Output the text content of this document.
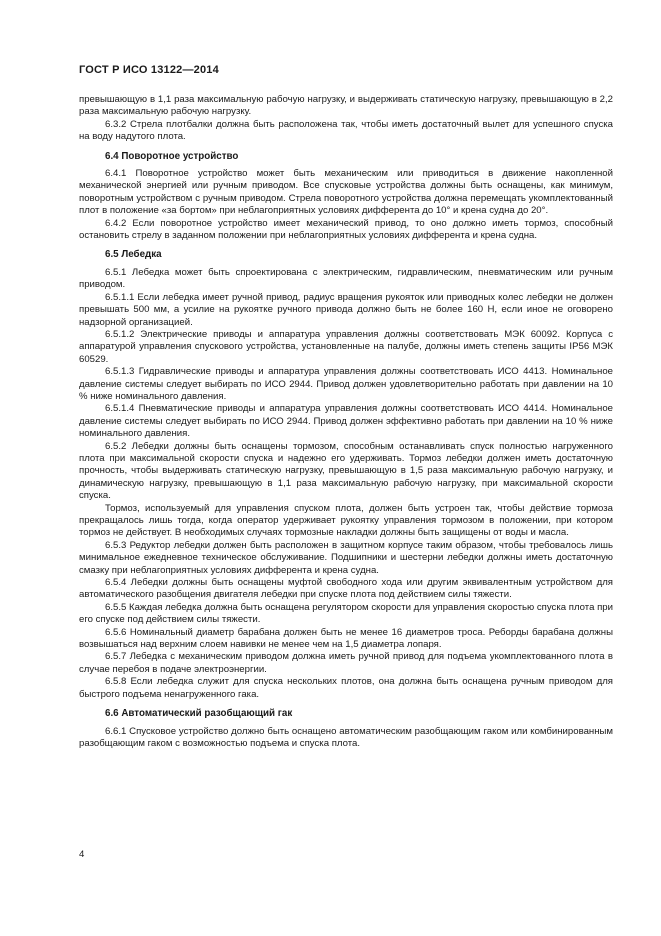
ГОСТ Р ИСО 13122—2014

превышающую в 1,1 раза максимальную рабочую нагрузку, и выдерживать статическую нагрузку, превышающую в 2,2 раза максимальную рабочую нагрузку.

6.3.2 Стрела плотбалки должна быть расположена так, чтобы иметь достаточный вылет для успешного спуска на воду надутого плота.

6.4 Поворотное устройство

6.4.1 Поворотное устройство может быть механическим или приводиться в движение накопленной механической энергией или ручным приводом. Все спусковые устройства должны быть оснащены, как минимум, поворотным устройством с ручным приводом. Стрела поворотного устройства должна перемещать укомплектованный плот в положение «за бортом» при неблагоприятных условиях дифферента до 10° и крена судна до 20°.

6.4.2 Если поворотное устройство имеет механический привод, то оно должно иметь тормоз, способный остановить стрелу в заданном положении при неблагоприятных условиях дифферента и крена судна.

6.5 Лебедка

6.5.1 Лебедка может быть спроектирована с электрическим, гидравлическим, пневматическим или ручным приводом.

6.5.1.1 Если лебедка имеет ручной привод, радиус вращения рукояток или приводных колес лебедки не должен превышать 500 мм, а усилие на рукоятке ручного привода должно быть не более 160 Н, если иное не оговорено надзорной организацией.

6.5.1.2 Электрические приводы и аппаратура управления должны соответствовать МЭК 60092. Корпуса с аппаратурой управления спускового устройства, установленные на палубе, должны иметь степень защиты IP56 МЭК 60529.

6.5.1.3 Гидравлические приводы и аппаратура управления должны соответствовать ИСО 4413. Номинальное давление системы следует выбирать по ИСО 2944. Привод должен удовлетворительно работать при давлении на 10 % ниже номинального давления.

6.5.1.4 Пневматические приводы и аппаратура управления должны соответствовать ИСО 4414. Номинальное давление системы следует выбирать по ИСО 2944. Привод должен эффективно работать при давлении на 10 % ниже номинального давления.

6.5.2 Лебедки должны быть оснащены тормозом, способным останавливать спуск полностью нагруженного плота при максимальной скорости спуска и надежно его удерживать. Тормоз лебедки должен иметь достаточную прочность, чтобы выдерживать статическую нагрузку, превышающую в 1,5 раза максимальную рабочую нагрузку, и динамическую нагрузку, превышающую в 1,1 раза максимальную рабочую нагрузку, при максимальной скорости спуска.

Тормоз, используемый для управления спуском плота, должен быть устроен так, чтобы действие тормоза прекращалось лишь тогда, когда оператор удерживает рукоятку управления тормозом в положении, при котором тормоз не действует. В необходимых случаях тормозные накладки должны быть защищены от воды и масла.

6.5.3 Редуктор лебедки должен быть расположен в защитном корпусе таким образом, чтобы требовалось лишь минимальное ежедневное техническое обслуживание. Подшипники и шестерни лебедки должны иметь достаточную смазку при неблагоприятных условиях дифферента и крена судна.

6.5.4 Лебедки должны быть оснащены муфтой свободного хода или другим эквивалентным устройством для автоматического разобщения двигателя лебедки при спуске плота под действием силы тяжести.

6.5.5 Каждая лебедка должна быть оснащена регулятором скорости для управления скоростью спуска плота при его спуске под действием силы тяжести.

6.5.6 Номинальный диаметр барабана должен быть не менее 16 диаметров троса. Реборды барабана должны возвышаться над верхним слоем навивки не менее чем на 1,5 диаметра лопаря.

6.5.7 Лебедка с механическим приводом должна иметь ручной привод для подъема укомплектованного плота в случае перебоя в подаче электроэнергии.

6.5.8 Если лебедка служит для спуска нескольких плотов, она должна быть оснащена ручным приводом для быстрого подъема ненагруженного гака.

6.6 Автоматический разобщающий гак

6.6.1 Спусковое устройство должно быть оснащено автоматическим разобщающим гаком или комбинированным разобщающим гаком с возможностью подъема и спуска плота.

4
